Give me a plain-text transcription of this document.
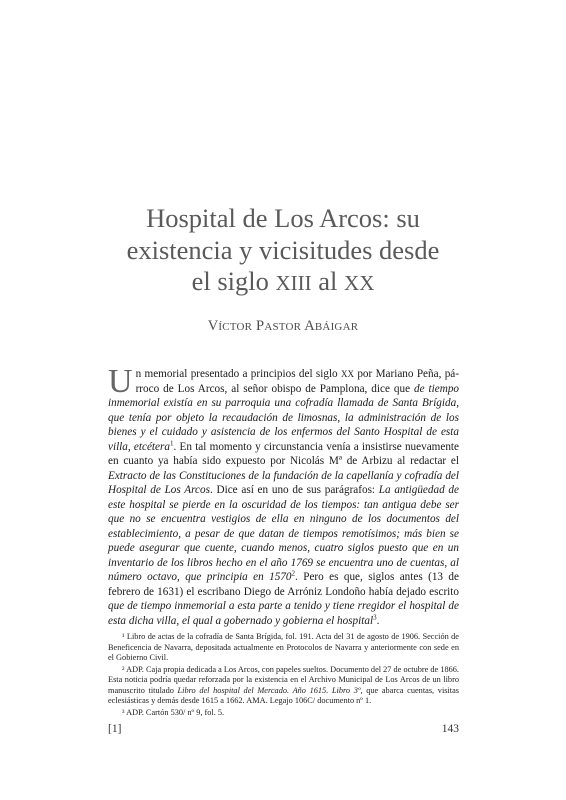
Hospital de Los Arcos: su
existencia y vicisitudes desde
el siglo XIII al XX
VÍCTOR PASTOR ABÁIGAR

Un memorial presentado a principios del siglo XX por Mariano Peña, párroco de Los Arcos, al señor obispo de Pamplona, dice que de tiempo inmemorial existía en su parroquia una cofradía llamada de Santa Brígida, que tenía por objeto la recaudación de limosnas, la administración de los bienes y el cuidado y asistencia de los enfermos del Santo Hospital de esta villa, etcétera$^1$. En tal momento y circunstancia venía a insistirse nuevamente en cuanto ya había sido expuesto por Nicolás Mª de Arbizu al redactar el Extracto de las Constituciones de la fundación de la capellanía y cofradía del Hospital de Los Arcos. Dice así en uno de sus parágrafos: La antigüedad de este hospital se pierde en la oscuridad de los tiempos: tan antigua debe ser que no se encuentra vestigios de ella en ninguno de los documentos del establecimiento, a pesar de que datan de tiempos remotísimos; más bien se puede asegurar que cuente, cuando menos, cuatro siglos puesto que en un inventario de los libros hecho en el año 1769 se encuentra uno de cuentas, al número octavo, que principia en 1570$^2$. Pero es que, siglos antes (13 de febrero de 1631) el escribano Diego de Arróniz Londoño había dejado escrito que de tiempo inmemorial a esta parte a tenido y tiene rregidor el hospital de esta dicha villa, el qual a gobernado y gobierna el hospital$^3$.

¹ Libro de actas de la cofradía de Santa Brígida, fol. 191. Acta del 31 de agosto de 1906. Sección de Beneficencia de Navarra, depositada actualmente en Protocolos de Navarra y anteriormente con sede en el Gobierno Civil.

² ADP. Caja propia dedicada a Los Arcos, con papeles sueltos. Documento del 27 de octubre de 1866. Esta noticia podría quedar reforzada por la existencia en el Archivo Municipal de Los Arcos de un libro manuscrito titulado Libro del hospital del Mercado. Año 1615. Libro 3º, que abarca cuentas, visitas eclesiásticas y demás desde 1615 a 1662. AMA. Legajo 106C/ documento nº 1.

³ ADP. Cartón 530/ nº 9, fol. 5.

[1]	143
